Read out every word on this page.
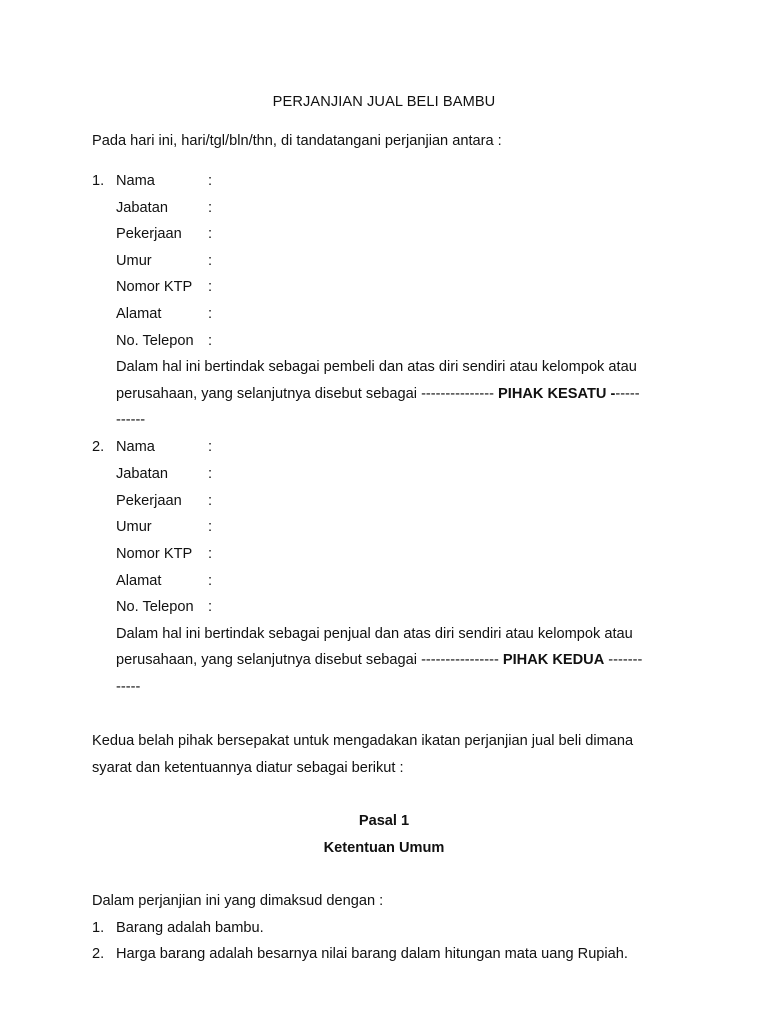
PERJANJIAN JUAL BELI BAMBU
Pada hari ini, hari/tgl/bln/thn, di tandatangani perjanjian antara :
1. Nama	:
Jabatan	:
Pekerjaan :
Umur	:
Nomor KTP :
Alamat	:
No. Telepon :
Dalam hal ini bertindak sebagai pembeli dan atas diri sendiri atau kelompok atau
perusahaan, yang selanjutnya disebut sebagai --------------- PIHAK KESATU ------
------
2. Nama	:
Jabatan	:
Pekerjaan :
Umur	:
Nomor KTP :
Alamat	:
No. Telepon :
Dalam hal ini bertindak sebagai penjual dan atas diri sendiri atau kelompok atau
perusahaan, yang selanjutnya disebut sebagai ---------------- PIHAK KEDUA -------
-----
Kedua belah pihak bersepakat untuk mengadakan ikatan perjanjian jual beli dimana
syarat dan ketentuannya diatur sebagai berikut :
Pasal 1
Ketentuan Umum
Dalam perjanjian ini yang dimaksud dengan :
1. Barang adalah bambu.
2. Harga barang adalah besarnya nilai barang dalam hitungan mata uang Rupiah.
